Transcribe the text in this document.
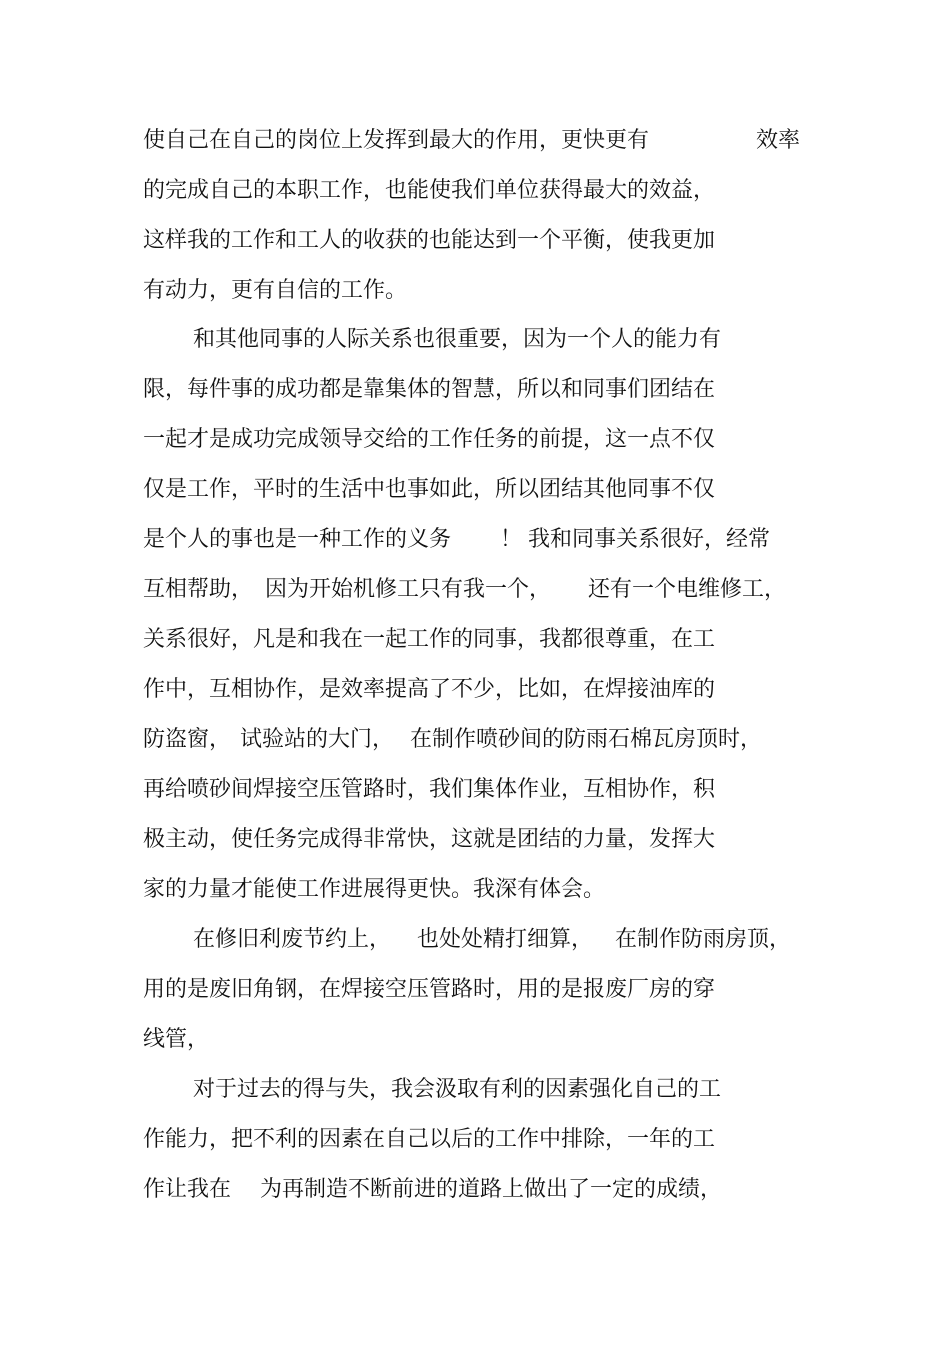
使自己在自己的岗位上发挥到最大的作用，更快更有	效率
的完成自己的本职工作，也能使我们单位获得最大的效益，
这样我的工作和工人的收获的也能达到一个平衡，使我更加
有动力，更有自信的工作。
和其他同事的人际关系也很重要，因为一个人的能力有
限，每件事的成功都是靠集体的智慧，所以和同事们团结在
一起才是成功完成领导交给的工作任务的前提，这一点不仅
仅是工作，平时的生活中也事如此，所以团结其他同事不仅
是个人的事也是一种工作的义务 ！ 我和同事关系很好，经常
互相帮助， 因为开始机修工只有我一个， 还有一个电维修工，
关系很好，凡是和我在一起工作的同事，我都很尊重，在工
作中，互相协作，是效率提高了不少，比如，在焊接油库的
防盗窗， 试验站的大门， 在制作喷砂间的防雨石棉瓦房顶时，
再给喷砂间焊接空压管路时，我们集体作业，互相协作，积
极主动，使任务完成得非常快，这就是团结的力量，发挥大
家的力量才能使工作进展得更快。我深有体会。
在修旧利废节约上， 也处处精打细算， 在制作防雨房顶，
用的是废旧角钢，在焊接空压管路时，用的是报废厂房的穿
线管，
对于过去的得与失，我会汲取有利的因素强化自己的工
作能力，把不利的因素在自己以后的工作中排除，一年的工
作让我在 为再制造不断前进的道路上做出了一定的成绩，
